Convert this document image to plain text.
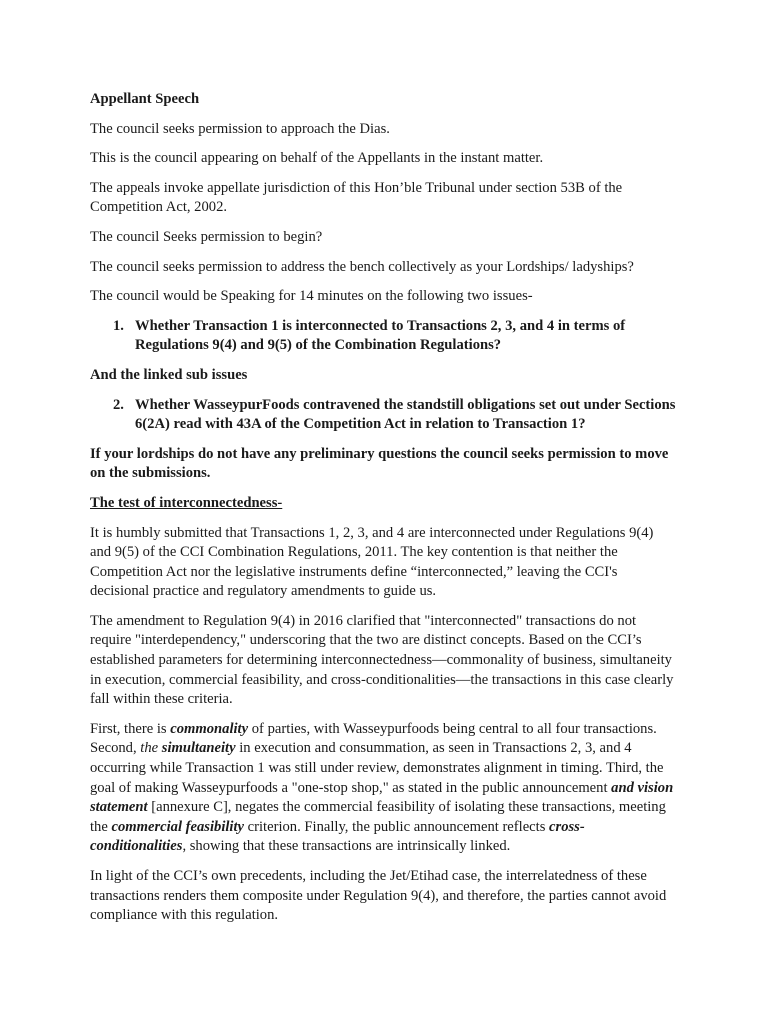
Appellant Speech

The council seeks permission to approach the Dias.

This is the council appearing on behalf of the Appellants in the instant matter.

The appeals invoke appellate jurisdiction of this Hon’ble Tribunal under section 53B of the Competition Act, 2002.

The council Seeks permission to begin?

The council seeks permission to address the bench collectively as your Lordships/ ladyships?

The council would be Speaking for 14 minutes on the following two issues-

1. Whether Transaction 1 is interconnected to Transactions 2, 3, and 4 in terms of Regulations 9(4) and 9(5) of the Combination Regulations?

And the linked sub issues

2. Whether WasseypurFoods contravened the standstill obligations set out under Sections 6(2A) read with 43A of the Competition Act in relation to Transaction 1?

If your lordships do not have any preliminary questions the council seeks permission to move on the submissions.

The test of interconnectedness-

It is humbly submitted that Transactions 1, 2, 3, and 4 are interconnected under Regulations 9(4) and 9(5) of the CCI Combination Regulations, 2011. The key contention is that neither the Competition Act nor the legislative instruments define “interconnected,” leaving the CCI's decisional practice and regulatory amendments to guide us.

The amendment to Regulation 9(4) in 2016 clarified that "interconnected" transactions do not require "interdependency," underscoring that the two are distinct concepts. Based on the CCI’s established parameters for determining interconnectedness—commonality of business, simultaneity in execution, commercial feasibility, and cross-conditionalities—the transactions in this case clearly fall within these criteria.

First, there is commonality of parties, with Wasseypurfoods being central to all four transactions. Second, the simultaneity in execution and consummation, as seen in Transactions 2, 3, and 4 occurring while Transaction 1 was still under review, demonstrates alignment in timing. Third, the goal of making Wasseypurfoods a "one-stop shop," as stated in the public announcement and vision statement [annexure C], negates the commercial feasibility of isolating these transactions, meeting the commercial feasibility criterion. Finally, the public announcement reflects cross-conditionalities, showing that these transactions are intrinsically linked.

In light of the CCI’s own precedents, including the Jet/Etihad case, the interrelatedness of these transactions renders them composite under Regulation 9(4), and therefore, the parties cannot avoid compliance with this regulation.
